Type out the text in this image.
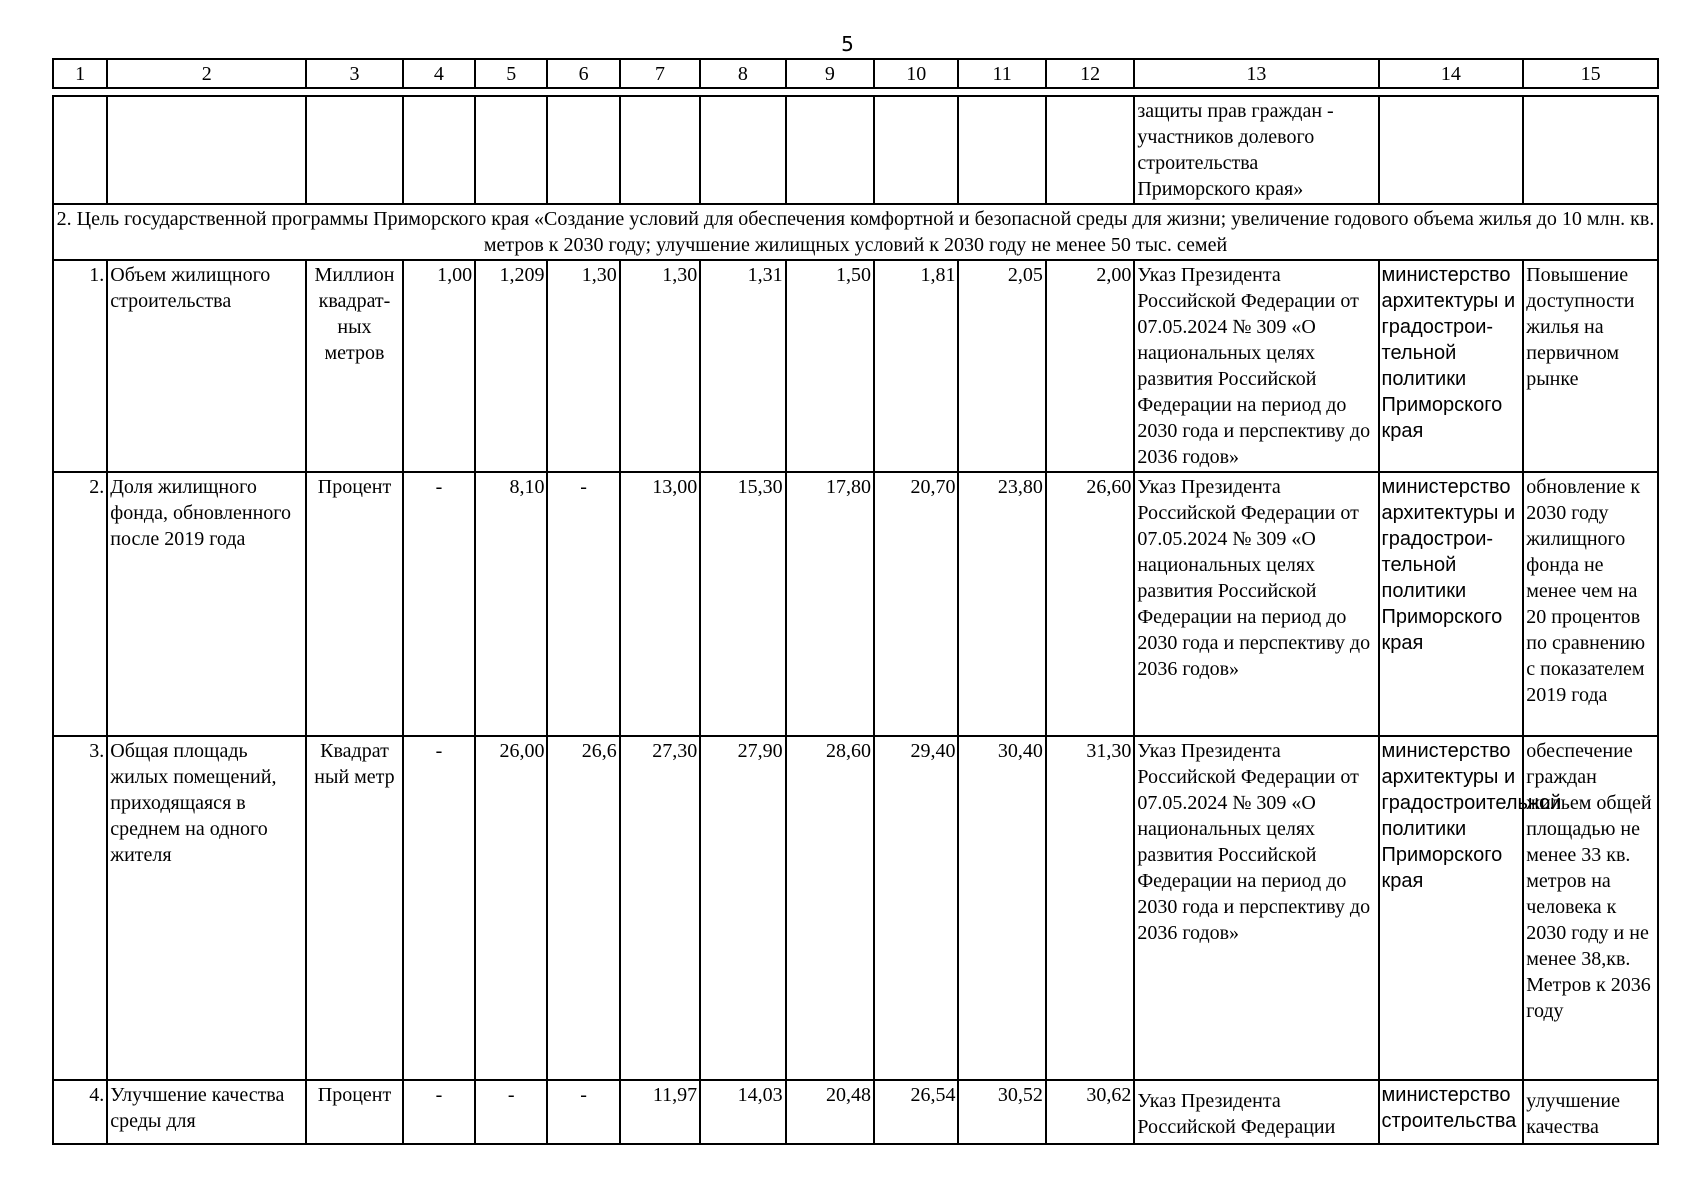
5
1	2	3	4	5	6	7	8	9	10	11	12	13	14	15

												защиты прав граждан - участников долевого строительства Приморского края»		
2. Цель государственной программы Приморского края «Создание условий для обеспечения комфортной и безопасной среды для жизни; увеличение годового объема жилья до 10 млн. кв. метров к 2030 году; улучшение жилищных условий к 2030 году не менее 50 тыс. семей														
1.	Объем жилищного строительства	Миллион квадрат-ных метров	1,00	1,209	1,30	1,30	1,31	1,50	1,81	2,05	2,00	Указ Президента Российской Федерации от 07.05.2024 № 309 «О национальных целях развития Российской Федерации на период до 2030 года и перспективу до 2036 годов»	министерство архитектуры и градострои-тельной политики Приморского края	Повышение доступности жилья на первичном рынке
2.	Доля жилищного фонда, обновленного после 2019 года	Процент	-	8,10	-	13,00	15,30	17,80	20,70	23,80	26,60	Указ Президента Российской Федерации от 07.05.2024 № 309 «О национальных целях развития Российской Федерации на период до 2030 года и перспективу до 2036 годов»	министерство архитектуры и градострои-тельной политики Приморского края	обновление к 2030 году жилищного фонда не менее чем на 20 процентов по сравнению с показателем 2019 года
3.	Общая площадь жилых помещений, приходящаяся в среднем на одного жителя	Квадрат ный метр	-	26,00	26,6	27,30	27,90	28,60	29,40	30,40	31,30	Указ Президента Российской Федерации от 07.05.2024 № 309 «О национальных целях развития Российской Федерации на период до 2030 года и перспективу до 2036 годов»	министерство архитектуры и градостроительной политики Приморского края	обеспечение граждан жильем общей площадью не менее 33 кв. метров на человека к 2030 году и не менее 38,кв. Метров к 2036 году
4.	Улучшение качества среды для	Процент	-	-	-	11,97	14,03	20,48	26,54	30,52	30,62	Указ Президента Российской Федерации	министерство строительства	улучшение качества
